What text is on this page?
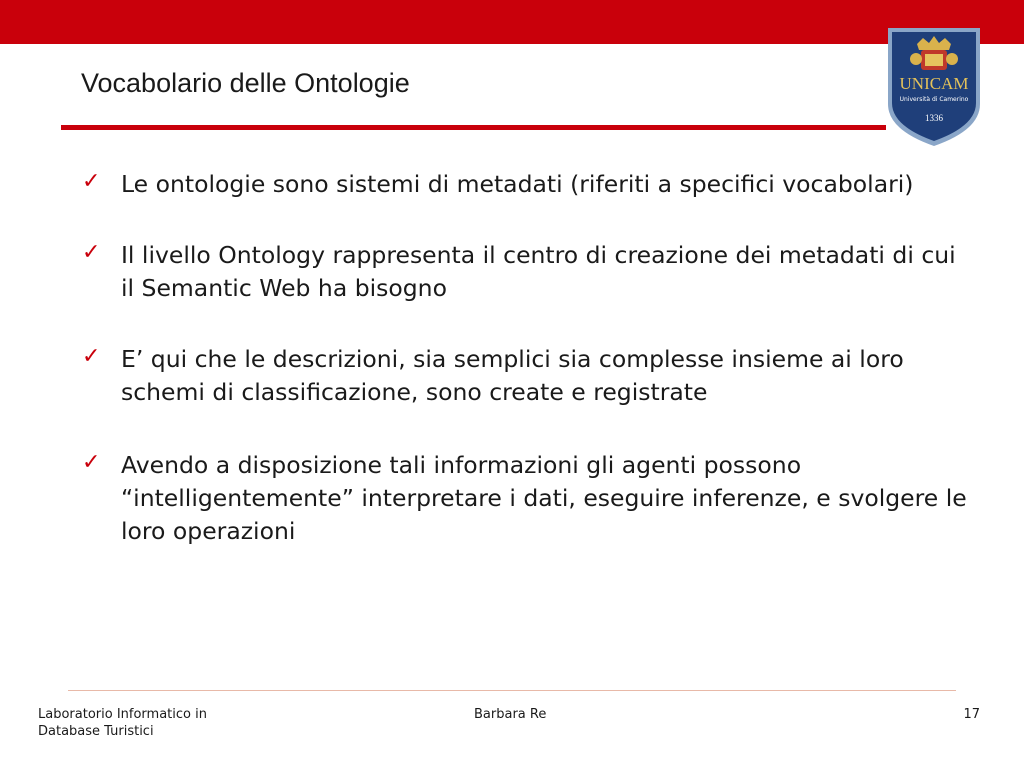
Vocabolario delle Ontologie	UNICAM
Università di Camerino
1336
✓ Le ontologie sono sistemi di metadati (riferiti a specifici vocabolari)
✓ Il livello Ontology rappresenta il centro di creazione dei metadati di cui il Semantic Web ha bisogno
✓ E’ qui che le descrizioni, sia semplici sia complesse insieme ai loro schemi di classificazione, sono create e registrate
✓ Avendo a disposizione tali informazioni gli agenti possono “intelligentemente” interpretare i dati, eseguire inferenze, e svolgere le loro operazioni
Laboratorio Informatico in Database Turistici
Barbara Re	17
